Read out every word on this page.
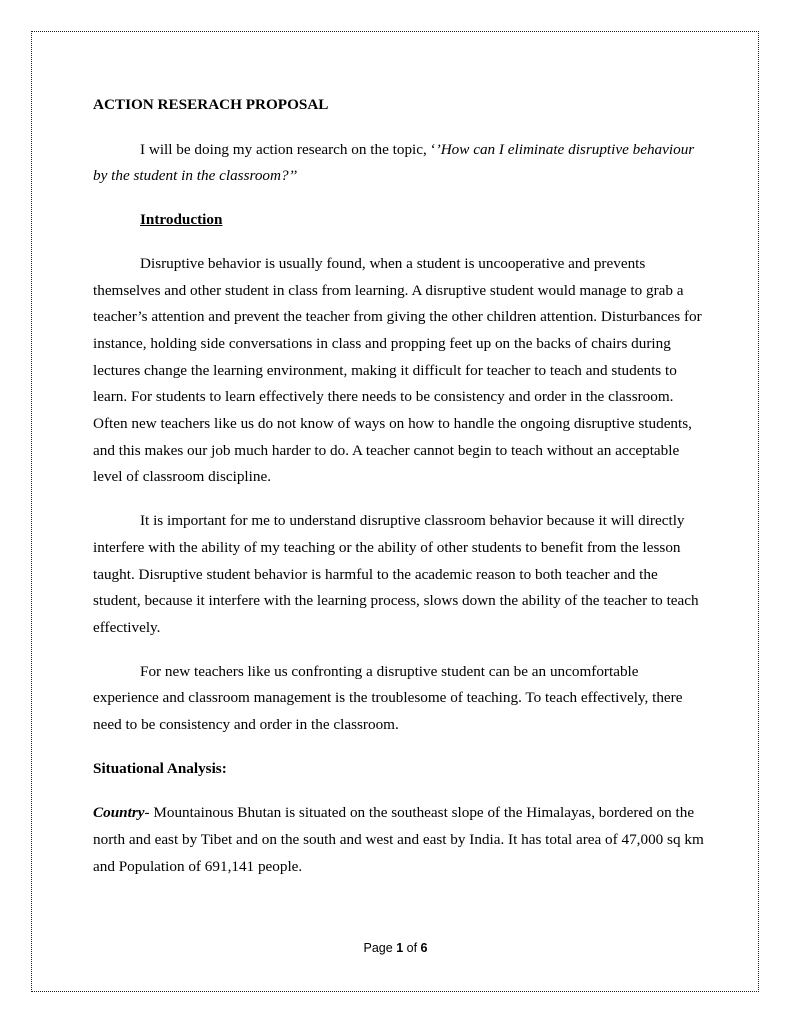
ACTION RESERACH PROPOSAL

I will be doing my action research on the topic, ‘’How can I eliminate disruptive behaviour by the student in the classroom?’’

Introduction

Disruptive behavior is usually found, when a student is uncooperative and prevents themselves and other student in class from learning. A disruptive student would manage to grab a teacher’s attention and prevent the teacher from giving the other children attention. Disturbances for instance, holding side conversations in class and propping feet up on the backs of chairs during lectures change the learning environment, making it difficult for teacher to teach and students to learn. For students to learn effectively there needs to be consistency and order in the classroom. Often new teachers like us do not know of ways on how to handle the ongoing disruptive students, and this makes our job much harder to do. A teacher cannot begin to teach without an acceptable level of classroom discipline.

It is important for me to understand disruptive classroom behavior because it will directly interfere with the ability of my teaching or the ability of other students to benefit from the lesson taught. Disruptive student behavior is harmful to the academic reason to both teacher and the student, because it interfere with the learning process, slows down the ability of the teacher to teach effectively.

For new teachers like us confronting a disruptive student can be an uncomfortable experience and classroom management is the troublesome of teaching. To teach effectively, there need to be consistency and order in the classroom.

Situational Analysis:

Country- Mountainous Bhutan is situated on the southeast slope of the Himalayas, bordered on the north and east by Tibet and on the south and west and east by India. It has total area of 47,000 sq km and Population of 691,141 people.

Page 1 of 6
